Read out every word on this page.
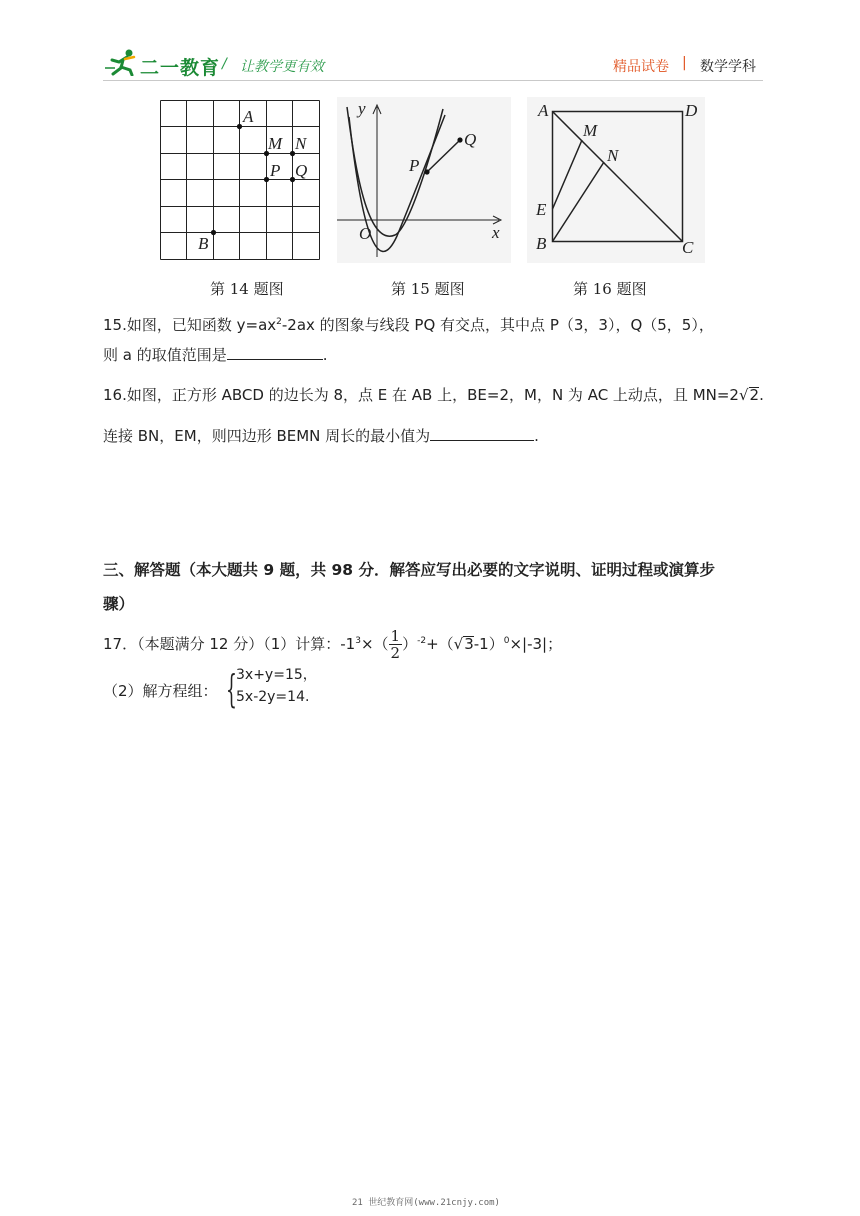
二一教育 / 让教学更有效	精品试卷 | 数学学科
A
M N
P Q
B
y
x
O
P
Q
A	D
M
N
E
B	C
第 14 题图	第 15 题图	第 16 题图
15.如图，已知函数 $y=ax^2-2ax$ 的图象与线段 PQ 有交点，其中点 P（3，3），Q（5，5），
则 a 的取值范围是	.
16.如图，正方形 ABCD 的边长为 8，点 E 在 AB 上，BE=2，M，N 为 AC 上动点，且 MN=2√2.
连接 BN，EM，则四边形 BEMN 周长的最小值为	.
三、解答题（本大题共 9 题，共 98 分．解答应写出必要的文字说明、证明过程或演算步
骤）
17．（本题满分 12 分）（1）计算：$-1^3\times( \frac{1}{2} )^{-2}+(√3-1)^0\times|-3|$；
（2）解方程组： { 3x+y=15，
5x-2y=14.
21 世纪教育网(www.21cnjy.com)
